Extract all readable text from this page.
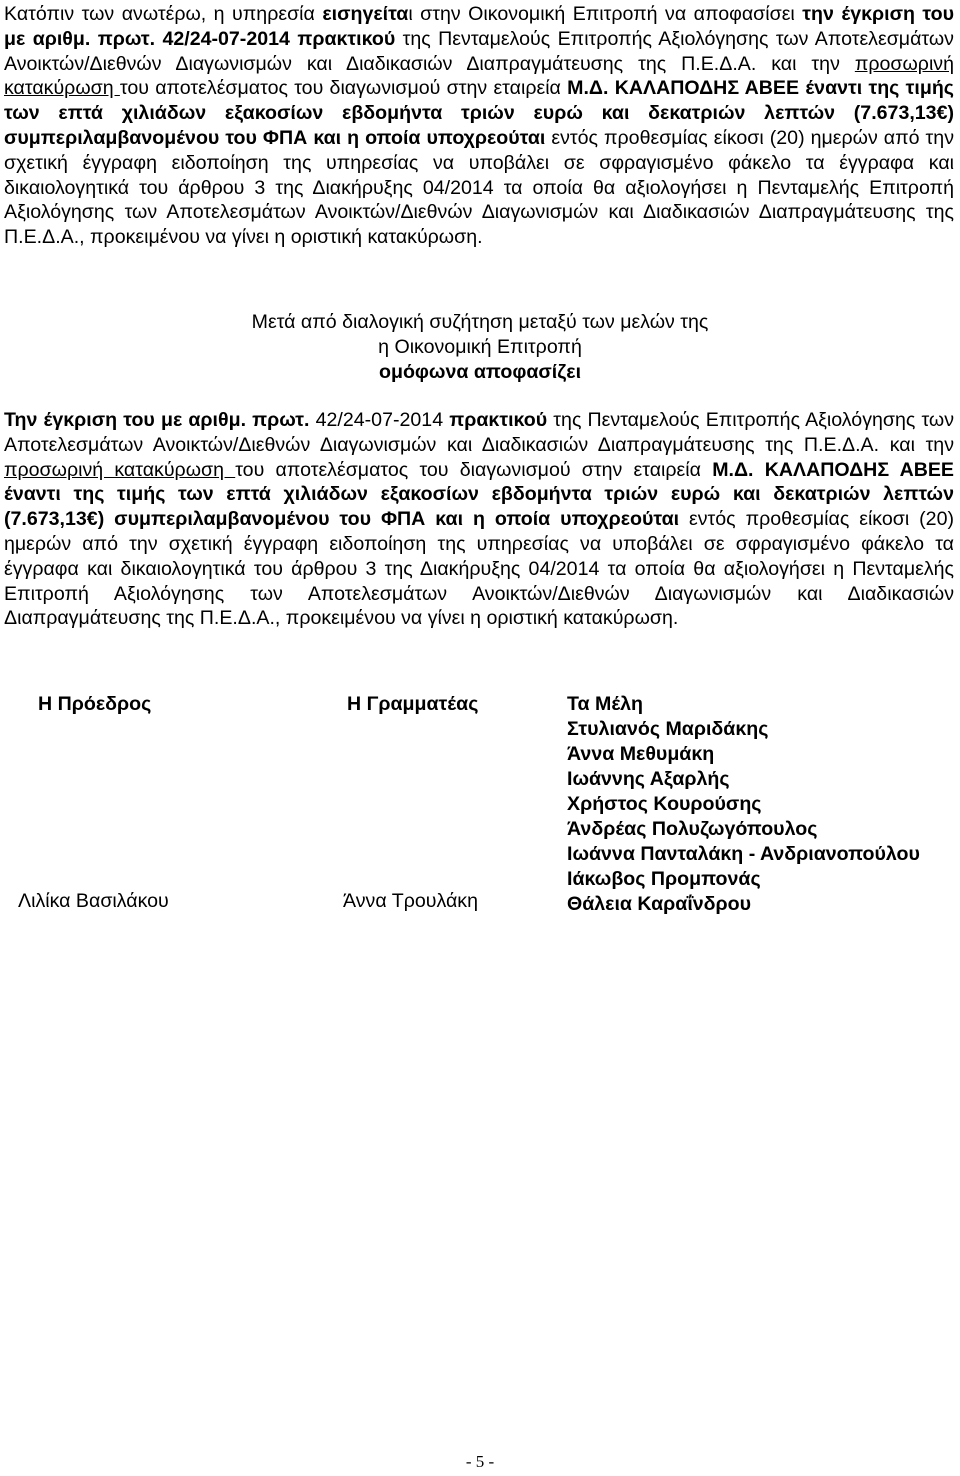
Κατόπιν των ανωτέρω, η υπηρεσία εισηγείται στην Οικονομική Επιτροπή να αποφασίσει την έγκριση του με αριθμ. πρωτ. 42/24-07-2014 πρακτικού της Πενταμελούς Επιτροπής Αξιολόγησης των Αποτελεσμάτων Ανοικτών/Διεθνών Διαγωνισμών και Διαδικασιών Διαπραγμάτευσης της Π.Ε.Δ.Α. και την προσωρινή κατακύρωση του αποτελέσματος του διαγωνισμού στην εταιρεία Μ.Δ. ΚΑΛΑΠΟΔΗΣ ΑΒΕΕ έναντι της τιμής των επτά χιλιάδων εξακοσίων εβδομήντα τριών ευρώ και δεκατριών λεπτών (7.673,13€) συμπεριλαμβανομένου του ΦΠΑ και η οποία υποχρεούται εντός προθεσμίας είκοσι (20) ημερών από την σχετική έγγραφη ειδοποίηση της υπηρεσίας να υποβάλει σε σφραγισμένο φάκελο τα έγγραφα και δικαιολογητικά του άρθρου 3 της Διακήρυξης 04/2014 τα οποία θα αξιολογήσει η Πενταμελής Επιτροπή Αξιολόγησης των Αποτελεσμάτων Ανοικτών/Διεθνών Διαγωνισμών και Διαδικασιών Διαπραγμάτευσης της Π.Ε.Δ.Α., προκειμένου να γίνει η οριστική κατακύρωση.
Μετά από διαλογική συζήτηση μεταξύ των μελών της
η Οικονομική Επιτροπή
ομόφωνα αποφασίζει
Την έγκριση του με αριθμ. πρωτ. 42/24-07-2014 πρακτικού της Πενταμελούς Επιτροπής Αξιολόγησης των Αποτελεσμάτων Ανοικτών/Διεθνών Διαγωνισμών και Διαδικασιών Διαπραγμάτευσης της Π.Ε.Δ.Α. και την προσωρινή κατακύρωση του αποτελέσματος του διαγωνισμού στην εταιρεία Μ.Δ. ΚΑΛΑΠΟΔΗΣ ΑΒΕΕ έναντι της τιμής των επτά χιλιάδων εξακοσίων εβδομήντα τριών ευρώ και δεκατριών λεπτών (7.673,13€) συμπεριλαμβανομένου του ΦΠΑ και η οποία υποχρεούται εντός προθεσμίας είκοσι (20) ημερών από την σχετική έγγραφη ειδοποίηση της υπηρεσίας να υποβάλει σε σφραγισμένο φάκελο τα έγγραφα και δικαιολογητικά του άρθρου 3 της Διακήρυξης 04/2014 τα οποία θα αξιολογήσει η Πενταμελής Επιτροπή Αξιολόγησης των Αποτελεσμάτων Ανοικτών/Διεθνών Διαγωνισμών και Διαδικασιών Διαπραγμάτευσης της Π.Ε.Δ.Α., προκειμένου να γίνει η οριστική κατακύρωση.
Η Πρόεδρος
Λιλίκα Βασιλάκου
Η Γραμματέας
Άννα Τρουλάκη
Τα Μέλη
Στυλιανός Μαριδάκης
Άννα Μεθυμάκη
Ιωάννης Αξαρλής
Χρήστος Κουρούσης
Άνδρέας Πολυζωγόπουλος
Ιωάννα Πανταλάκη - Ανδριανοπούλου
Ιάκωβος Προμπονάς
Θάλεια Καραΐνδρου
- 5 -
